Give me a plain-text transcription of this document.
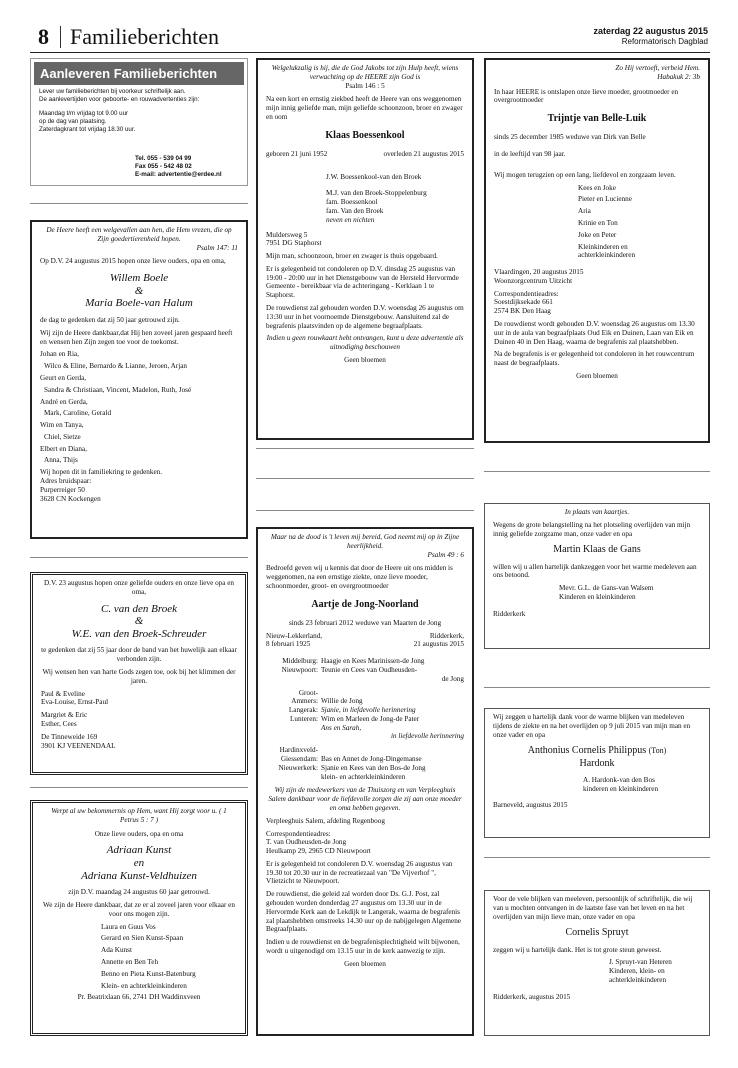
8 Familieberichten	zaterdag 22 augustus 2015
Reformatorisch Dagblad
Aanleveren Familieberichten
Lever uw familieberichten bij voorkeur schriftelijk aan.
De aanlevertijden voor geboorte- en rouwadvertenties zijn:
Maandag t/m vrijdag tot 9.00 uur
op de dag van plaatsing.
Zaterdagkrant tot vrijdag 18.30 uur.
Tel. 055 - 539 04 99
Fax 055 - 542 48 02
E-mail: advertentie@erdee.nl
De Heere heeft een welgevallen aan hen, die Hem vrezen, die op Zijn goedertierenheid hopen.
Psalm 147: 11

Op D.V. 24 augustus 2015 hopen onze lieve ouders, opa en oma,

Willem Boele
&
Maria Boele-van Halum

de dag te gedenken dat zij 50 jaar getrouwd zijn.

Wij zijn de Heere dankbaar,dat Hij hen zoveel jaren gespaard heeft en wensen hen Zijn zegen toe voor de toekomst.

Johan en Ria,
Wilco & Eline, Bernardo & Lianne, Jeroen, Arjan
Geurt en Gerda,
Sandra & Christiaan, Vincent, Madelon, Ruth, José
André en Gerda,
Mark, Caroline, Gerald
Wim en Tanya,
Chiel, Sietze
Elbert en Diana,
Anna, Thijs
Wij hopen dit in familiekring te gedenken.
Adres bruidspaar:
Purperreiger 50
3628 CN Kockengen

D.V. 23 augustus hopen onze geliefde ouders en onze lieve opa en oma,

C. van den Broek
&
W.E. van den Broek-Schreuder

te gedenken dat zij 55 jaar door de band van het huwelijk aan elkaar verbonden zijn.

Wij wensen hen van harte Gods zegen toe, ook bij het klimmen der jaren.

Paul & Eveline
Eva-Louise, Ernst-Paul
Margriet & Eric
Esther, Cees
De Tinneweide 169
3901 KJ VEENENDAAL
Werpt al uw bekommernis op Hem, want Hij zorgt voor u. ( 1 Petrus 5 : 7 )

Onze lieve ouders, opa en oma

Adriaan Kunst
en
Adriana Kunst-Veldhuizen

zijn D.V. maandag 24 augustus 60 jaar getrouwd.

We zijn de Heere dankbaar, dat ze er al zoveel jaren voor elkaar en voor ons mogen zijn.

Laura en Guus Vos
Gerard en Sien Kunst-Spaan
Ada Kunst
Annette en Ben Teh
Benno en Pieta Kunst-Batenburg
Klein- en achterkleinkinderen
Pr. Beatrixlaan 66, 2741 DH Waddinxveen
Welgelukzalig is hij, die de God Jakobs tot zijn Hulp heeft, wiens verwachting op de HEERE zijn God is
Psalm 146 : 5

Na een kort en ernstig ziekbed heeft de Heere van ons weggenomen mijn innig geliefde man, mijn geliefde schoonzoon, broer en zwager en oom

Klaas Boessenkool
geboren 21 juni 1952	overleden 21 augustus 2015
J.W. Boessenkool-van den Broek
M.J. van den Broek-Stoppelenburg
fam. Boessenkool
fam. Van den Broek
neven en nichten
Muldersweg 5

7951 DG Staphorst

Mijn man, schoonzoon, broer en zwager is thuis opgebaard.

Er is gelegenheid tot condoleren op D.V. dinsdag 25 augustus van 19:00 - 20:00 uur in het Dienstgebouw van de Hersteld Hervormde Gemeente - bereikbaar via de achteringang - Kerklaan 1 te Staphorst.

De rouwdienst zal gehouden worden D.V. woensdag 26 augustus om 13:30 uur in het voornoemde Dienstgebouw. Aansluitend zal de begrafenis plaatsvinden op de algemene begraafplaats.

Indien u geen rouwkaart hebt ontvangen, kunt u deze advertentie als uitnodiging beschouwen

Geen bloemen
Maar na de dood is 't leven mij bereid, God neemt mij op in Zijne heerlijkheid.
Psalm 49 : 6

Bedroefd geven wij u kennis dat door de Heere uit ons midden is weggenomen, na een ernstige ziekte, onze lieve moeder, schoonmoeder, groot- en overgrootmoeder

Aartje de Jong-Noorland

sinds 23 februari 2012 weduwe van Maarten de Jong

Nieuw-Lekkerland,	Ridderkerk,
8 februari 1925	21 augustus 2015
Middelburg: Haagje en Kees Marinissen-de Jong
Nieuwpoort: Teunie en Cees van Oudheusden-
de Jong
Groot-
Ammers: Willie de Jong
Langerak: Sjanie, in liefdevolle herinnering
Lunteren: Wim en Marleen de Jong-de Pater
Ans en Sarah,
in liefdevolle herinnering
Hardinxveld-
Giessendam: Bas en Annet de Jong-Dingemanse
Nieuwerkerk: Sjanie en Kees van den Bos-de Jong
klein- en achterkleinkinderen

Wij zijn de medewerkers van de Thuiszorg en van Verpleeghuis Salem dankbaar voor de liefdevolle zorgen die zij aan onze moeder en oma hebben gegeven.

Verpleeghuis Salem, afdeling Regenboog

Correspondentieadres:
T. van Oudheusden-de Jong

Heulkamp 29, 2965 CD Nieuwpoort

Er is gelegenheid tot condoleren D.V. woensdag 26 augustus van 19.30 tot 20.30 uur in de recreatiezaal van "De Vijverhof ", Vlietzicht te Nieuwpoort.

De rouwdienst, die geleid zal worden door Ds. G.J. Post, zal gehouden worden donderdag 27 augustus om 13.30 uur in de Hervormde Kerk aan de Lekdijk te Langerak, waarna de begrafenis zal plaatshebben omstreeks 14.30 uur op de nabijgelegen Algemene Begraafplaats.

Indien u de rouwdienst en de begrafenisplechtigheid wilt bijwonen, wordt u uitgenodigd om 13.15 uur in de kerk aanwezig te zijn.

Geen bloemen
Zo Hij vertoeft, verbeid Hem.
Habakuk 2: 3b

In haar HEERE is ontslapen onze lieve moeder, grootmoeder en overgrootmoeder

Trijntje van Belle-Luik

sinds 25 december 1985 weduwe van Dirk van Belle

in de leeftijd van 98 jaar.

Wij mogen terugzien op een lang, liefdevol en zorgzaam leven.

Kees en Joke
Pieter en Lucienne
Aria
Krinie en Ton
Joke en Peter
Kleinkinderen en
achterkleinkinderen
Vlaardingen, 20 augustus 2015

Woonzorgcentrum Uitzicht

Correspondentieadres:
Soestdijksekade 661

2574 BK Den Haag

De rouwdienst wordt gehouden D.V. woensdag 26 augustus om 13.30 uur in de aula van begraafplaats Oud Eik en Duinen, Laan van Eik en Duinen 40 in Den Haag, waarna de begrafenis zal plaatshebben.

Na de begrafenis is er gelegenheid tot condoleren in het rouwcentrum naast de begraafplaats.

Geen bloemen

In plaats van kaartjes.

Wegens de grote belangstelling na het plotseling overlijden van mijn innig geliefde zorgzame man, onze vader en opa

Martin Klaas de Gans

willen wij u allen hartelijk dankzeggen voor het warme medeleven aan ons betoond.

Mevr. G.L. de Gans-van Walsem
Kinderen en kleinkinderen
Ridderkerk

Wij zeggen u hartelijk dank voor de warme blijken van medeleven tijdens de ziekte en na het overlijden op 9 juli 2015 van mijn man en onze vader en opa

Anthonius Cornelis Philippus (Ton)
Hardonk
A. Hardonk-van den Bos
kinderen en kleinkinderen
Barneveld, augustus 2015

Voor de vele blijken van meeleven, persoonlijk of schriftelijk, die wij van u mochten ontvangen in de laatste fase van het leven en na het overlijden van mijn lieve man, onze vader en opa

Cornelis Spruyt

zeggen wij u hartelijk dank. Het is tot grote steun geweest.

J. Spruyt-van Heteren
Kinderen, klein- en
achterkleinkinderen
Ridderkerk, augustus 2015
